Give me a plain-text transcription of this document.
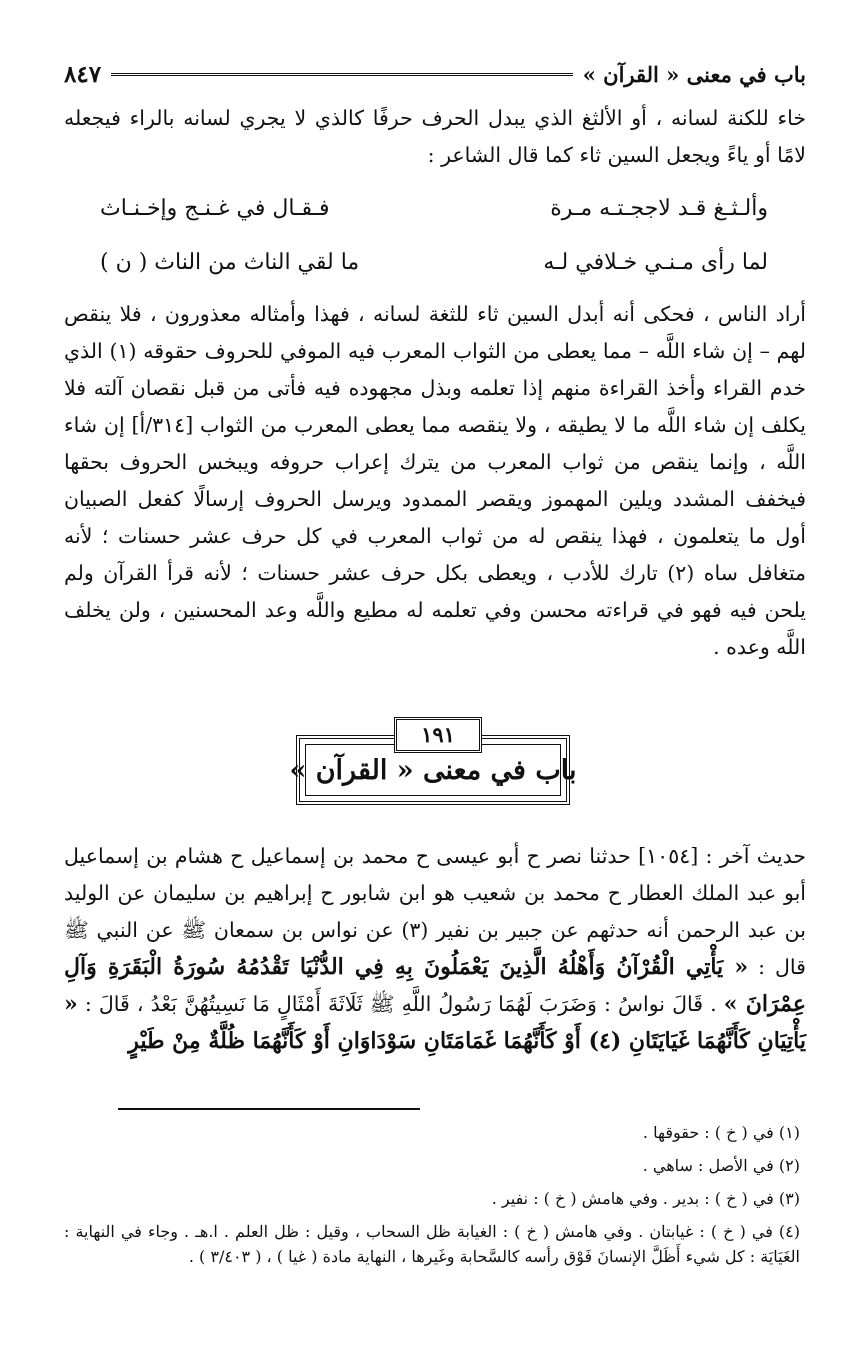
باب في معنى « القرآن »
٨٤٧

خاء للكنة لسانه ، أو الألثغ الذي يبدل الحرف حرفًا كالذي لا يجري لسانه بالراء فيجعله لامًا أو ياءً ويجعل السين ثاء كما قال الشاعر :

وألـثـغ قـد لاججـتـه مـرة
فـقـال في غـنـج وإخـنـاث
لما رأى مـنـي خـلافي لـه
ما لقي الناث من الناث ( ن )

أراد الناس ، فحكى أنه أبدل السين ثاء للثغة لسانه ، فهذا وأمثاله معذورون ، فلا ينقص لهم – إن شاء اللَّه – مما يعطى من الثواب المعرب فيه الموفي للحروف حقوقه (١) الذي خدم القراء وأخذ القراءة منهم إذا تعلمه وبذل مجهوده فيه فأتى من قبل نقصان آلته فلا يكلف إن شاء اللَّه ما لا يطيقه ، ولا ينقصه مما يعطى المعرب من الثواب [٣١٤/أ] إن شاء اللَّه ، وإنما ينقص من ثواب المعرب من يترك إعراب حروفه ويبخس الحروف بحقها فيخفف المشدد ويلين المهموز ويقصر الممدود ويرسل الحروف إرسالًا كفعل الصبيان أول ما يتعلمون ، فهذا ينقص له من ثواب المعرب في كل حرف عشر حسنات ؛ لأنه متغافل ساه (٢) تارك للأدب ، ويعطى بكل حرف عشر حسنات ؛ لأنه قرأ القرآن ولم يلحن فيه فهو في قراءته محسن وفي تعلمه له مطيع واللَّه وعد المحسنين ، ولن يخلف اللَّه وعده .

١٩١
باب في معنى « القرآن »

حديث آخر : [١٠٥٤] حدثنا نصر ح أبو عيسى ح محمد بن إسماعيل ح هشام بن إسماعيل أبو عبد الملك العطار ح محمد بن شعيب هو ابن شابور ح إبراهيم بن سليمان عن الوليد بن عبد الرحمن أنه حدثهم عن جبير بن نفير (٣) عن نواس بن سمعان ﷺ عن النبي ﷺ قال : « يَأْتِي الْقُرْآنُ وَأَهْلُهُ الَّذِينَ يَعْمَلُونَ بِهِ فِي الدُّنْيَا تَقْدُمُهُ سُورَةُ الْبَقَرَةِ وَآلِ عِمْرَانَ » . قَالَ نواسُ : وَضَرَبَ لَهُمَا رَسُولُ اللَّهِ ﷺ ثَلَاثَةَ أَمْثَالٍ مَا نَسِيتُهُنَّ بَعْدُ ، قَالَ : « يَأْتِيَانِ كَأَنَّهُمَا غَيَايَتَانِ (٤) أَوْ كَأَنَّهُمَا غَمَامَتَانِ سَوْدَاوَانِ أَوْ كَأَنَّهُمَا ظُلَّةٌ مِنْ طَيْرٍ

(١) في ( خ ) : حقوقها .

(٢) في الأصل : ساهي .

(٣) في ( خ ) : بدير . وفي هامش ( خ ) : نفير .

(٤) في ( خ ) : غيابتان . وفي هامش ( خ ) : الغيابة ظل السحاب ، وقيل : ظل العلم . ا.هـ . وجاء في النهاية : الغَيَايَة : كل شيء أَظَلَّ الإنسانَ فَوْق رأسه كالسَّحابة وغَيرها ، النهاية مادة ( غيا ) ، ( ٣/٤٠٣ ) .
